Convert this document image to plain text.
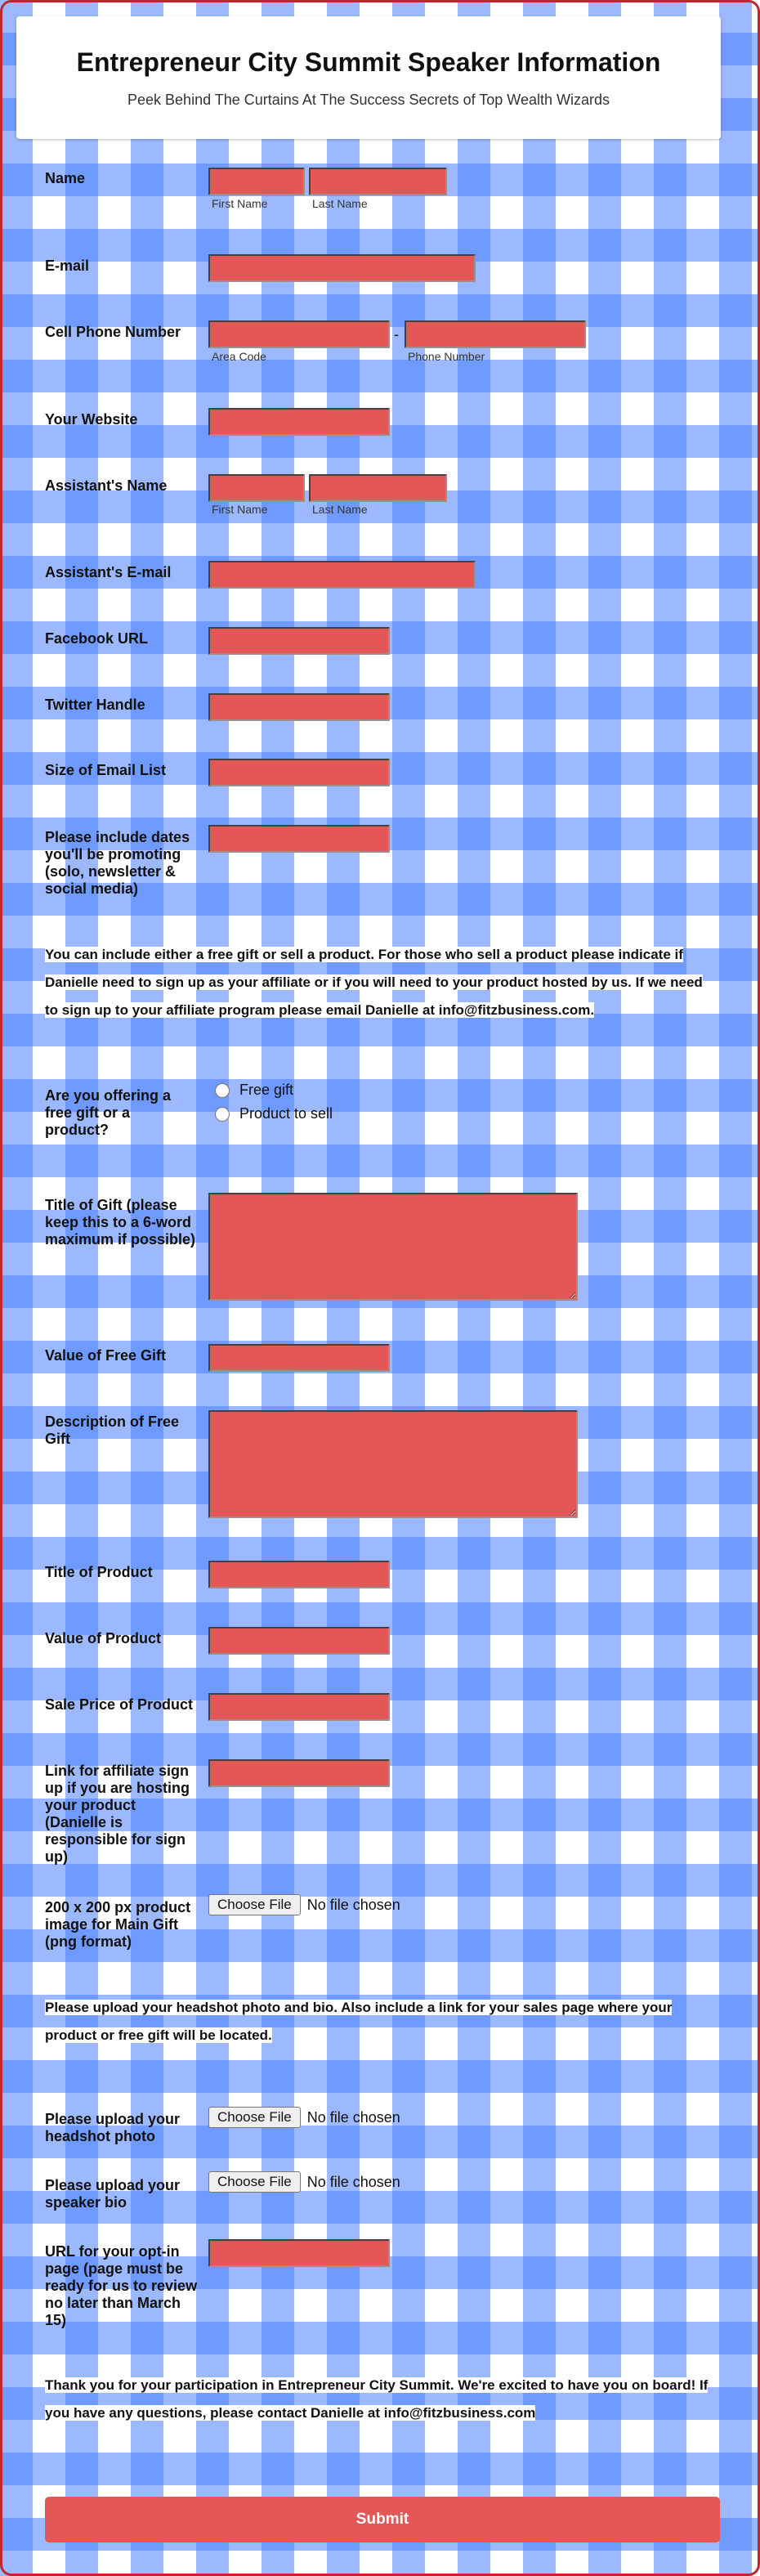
Entrepreneur City Summit Speaker Information
Peek Behind The Curtains At The Success Secrets of Top Wealth Wizards
Name
First Name	Last Name
E-mail
Cell Phone Number	-
Area Code	Phone Number
Your Website
Assistant's Name
First Name	Last Name
Assistant's E-mail
Facebook URL
Twitter Handle
Size of Email List
Please include dates you'll be promoting (solo, newsletter & social media)
You can include either a free gift or sell a product. For those who sell a product please indicate if Danielle need to sign up as your affiliate or if you will need to your product hosted by us. If we need to sign up to your affiliate program please email Danielle at info@fitzbusiness.com.
Are you offering a free gift or a product?
Free gift
Product to sell
Title of Gift (please keep this to a 6-word maximum if possible)
Value of Free Gift
Description of Free Gift
Title of Product
Value of Product
Sale Price of Product
Link for affiliate sign up if you are hosting your product (Danielle is responsible for sign up)
200 x 200 px product image for Main Gift (png format)
Choose File	No file chosen
Please upload your headshot photo and bio. Also include a link for your sales page where your product or free gift will be located.
Please upload your headshot photo
Choose File	No file chosen
Please upload your speaker bio
Choose File	No file chosen
URL for your opt-in page (page must be ready for us to review no later than March 15)
Thank you for your participation in Entrepreneur City Summit. We're excited to have you on board! If you have any questions, please contact Danielle at info@fitzbusiness.com
Submit
